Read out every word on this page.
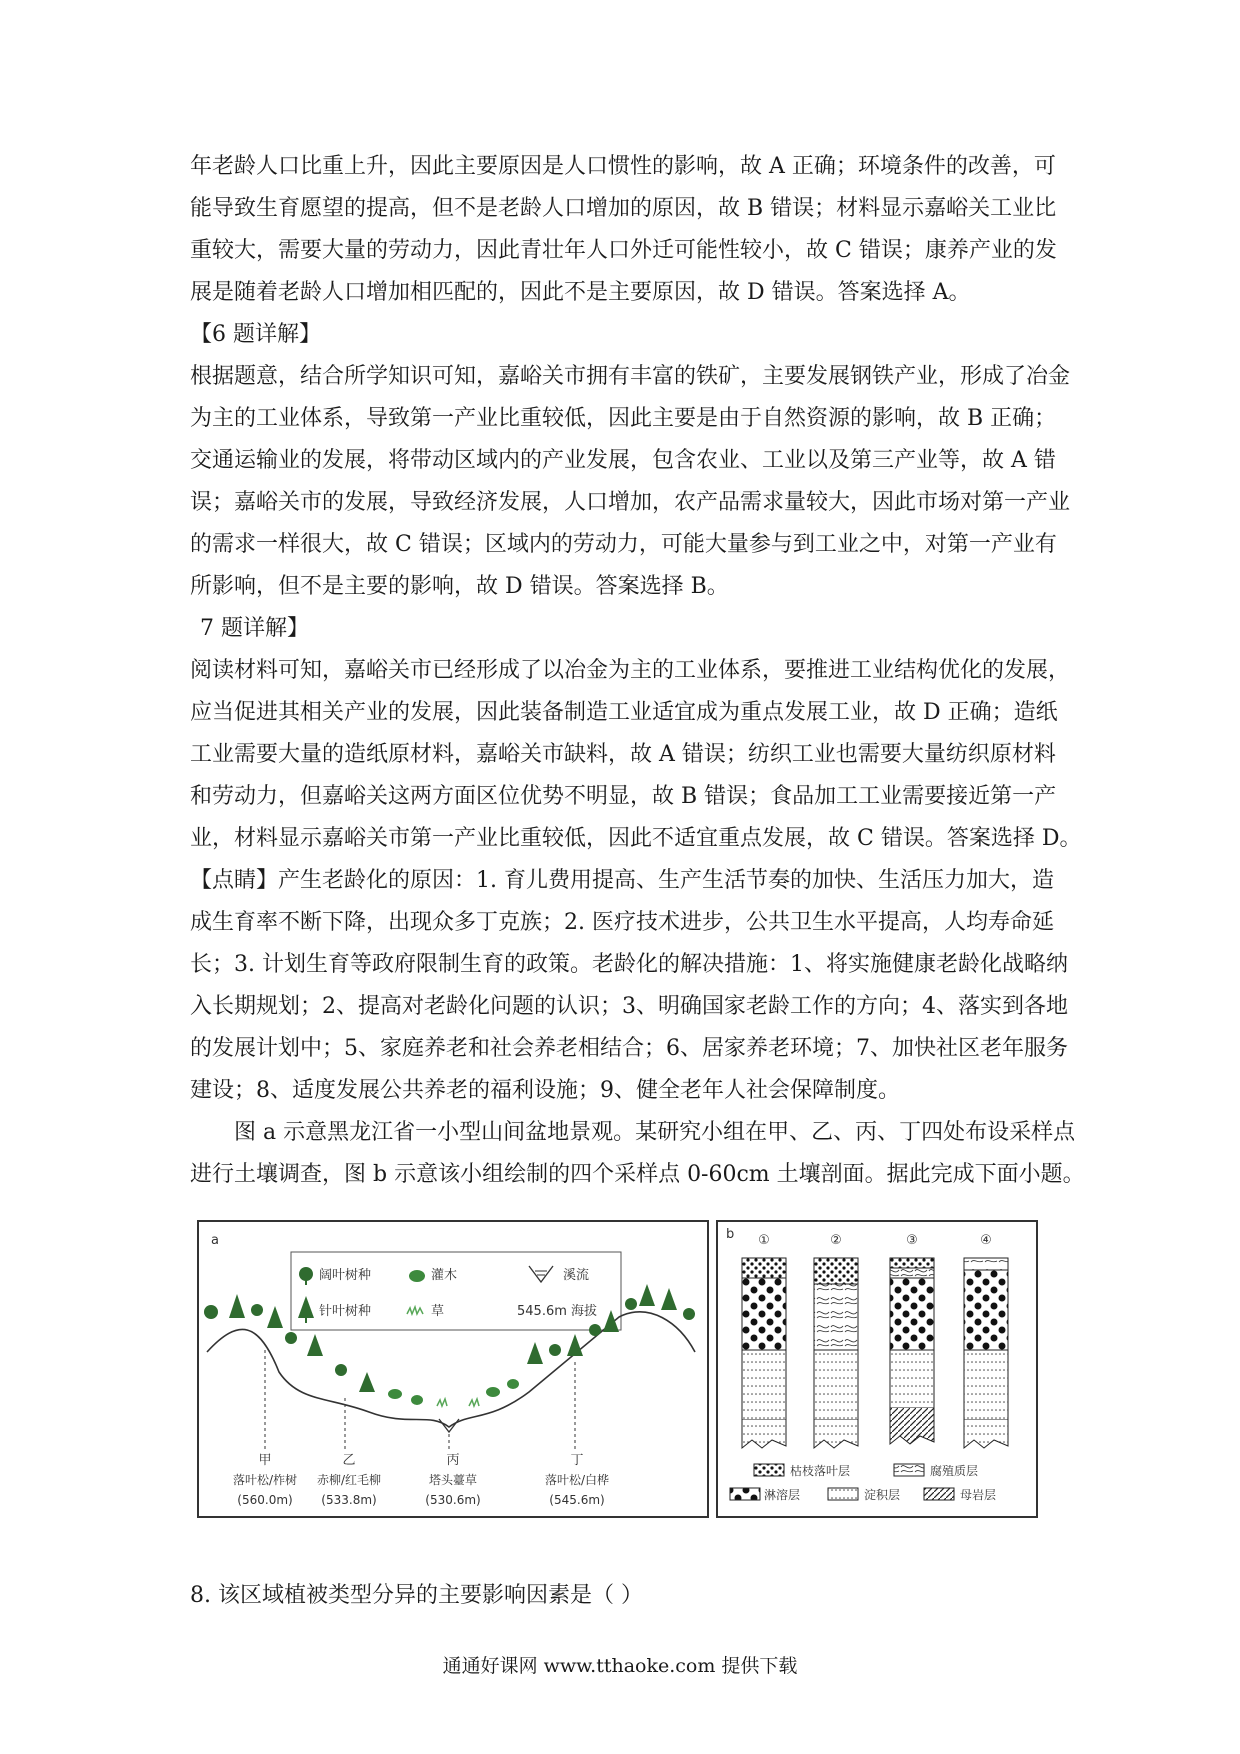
年老龄人口比重上升，因此主要原因是人口惯性的影响，故 A 正确；环境条件的改善，可
能导致生育愿望的提高，但不是老龄人口增加的原因，故 B 错误；材料显示嘉峪关工业比
重较大，需要大量的劳动力，因此青壮年人口外迁可能性较小，故 C 错误；康养产业的发
展是随着老龄人口增加相匹配的，因此不是主要原因，故 D 错误。答案选择 A。
【6 题详解】
根据题意，结合所学知识可知，嘉峪关市拥有丰富的铁矿，主要发展钢铁产业，形成了冶金
为主的工业体系，导致第一产业比重较低，因此主要是由于自然资源的影响，故 B 正确；
交通运输业的发展，将带动区域内的产业发展，包含农业、工业以及第三产业等，故 A 错
误；嘉峪关市的发展，导致经济发展，人口增加，农产品需求量较大，因此市场对第一产业
的需求一样很大，故 C 错误；区域内的劳动力，可能大量参与到工业之中，对第一产业有
所影响，但不是主要的影响，故 D 错误。答案选择 B。
7 题详解】
阅读材料可知，嘉峪关市已经形成了以冶金为主的工业体系，要推进工业结构优化的发展，
应当促进其相关产业的发展，因此装备制造工业适宜成为重点发展工业，故 D 正确；造纸
工业需要大量的造纸原材料，嘉峪关市缺料，故 A 错误；纺织工业也需要大量纺织原材料
和劳动力，但嘉峪关这两方面区位优势不明显，故 B 错误；食品加工工业需要接近第一产
业，材料显示嘉峪关市第一产业比重较低，因此不适宜重点发展，故 C 错误。答案选择 D。
【点睛】产生老龄化的原因：1. 育儿费用提高、生产生活节奏的加快、生活压力加大，造
成生育率不断下降，出现众多丁克族；2. 医疗技术进步，公共卫生水平提高，人均寿命延
长；3. 计划生育等政府限制生育的政策。老龄化的解决措施：1、将实施健康老龄化战略纳
入长期规划；2、提高对老龄化问题的认识；3、明确国家老龄工作的方向；4、落实到各地
的发展计划中；5、家庭养老和社会养老相结合；6、居家养老环境；7、加快社区老年服务
建设；8、适度发展公共养老的福利设施；9、健全老年人社会保障制度。
图 a 示意黑龙江省一小型山间盆地景观。某研究小组在甲、乙、丙、丁四处布设采样点
进行土壤调查，图 b 示意该小组绘制的四个采样点 0-60cm 土壤剖面。据此完成下面小题。
a
阔叶树种	灌木	溪流
针叶树种	草	545.6m 海拔
甲
落叶松/柞树
(560.0m)
乙
赤柳/红毛柳
(533.8m)
丙
塔头薹草
(530.6m)
丁
落叶松/白桦
(545.6m)
b ①	②	③	④
枯枝落叶层	腐殖质层
淋溶层	淀积层	母岩层
8. 该区域植被类型分异的主要影响因素是（ ）
通通好课网 www.tthaoke.com 提供下载
